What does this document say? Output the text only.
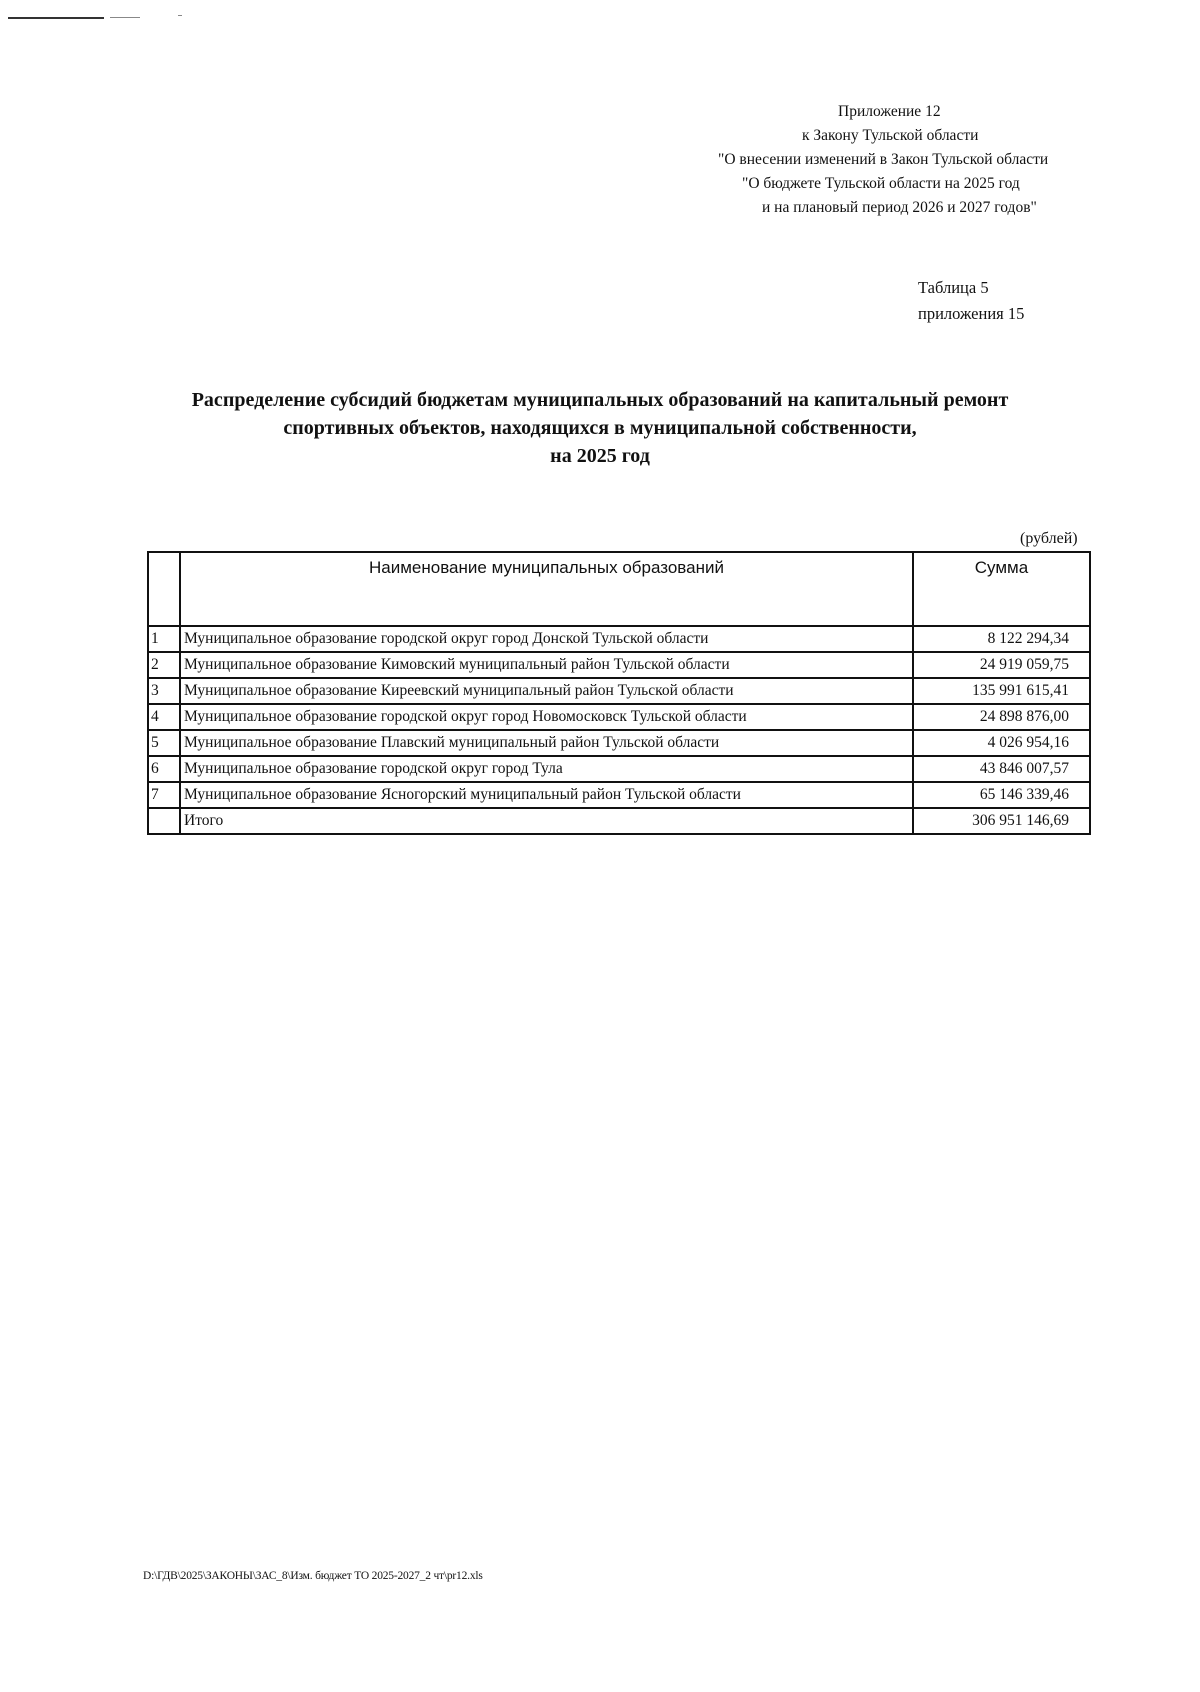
Приложение 12
к Закону Тульской области
"О внесении изменений в Закон Тульской области
"О бюджете Тульской области на 2025 год
и на плановый период 2026 и 2027 годов"
Таблица 5
приложения 15
Распределение субсидий бюджетам муниципальных образований на капитальный ремонт
спортивных объектов, находящихся в муниципальной собственности,
на 2025 год
(рублей)
	Наименование муниципальных образований	Сумма
1	Муниципальное образование городской округ город Донской Тульской области	8 122 294,34
2	Муниципальное образование Кимовский муниципальный район Тульской области	24 919 059,75
3	Муниципальное образование Киреевский муниципальный район Тульской области	135 991 615,41
4	Муниципальное образование городской округ город Новомосковск Тульской области	24 898 876,00
5	Муниципальное образование Плавский муниципальный район Тульской области	4 026 954,16
6	Муниципальное образование городской округ город Тула	43 846 007,57
7	Муниципальное образование Ясногорский муниципальный район Тульской области	65 146 339,46
	Итого	306 951 146,69
D:\ГДВ\2025\ЗАКОНЫ\ЗАС_8\Изм. бюджет ТО 2025-2027_2 чт\pr12.xls
